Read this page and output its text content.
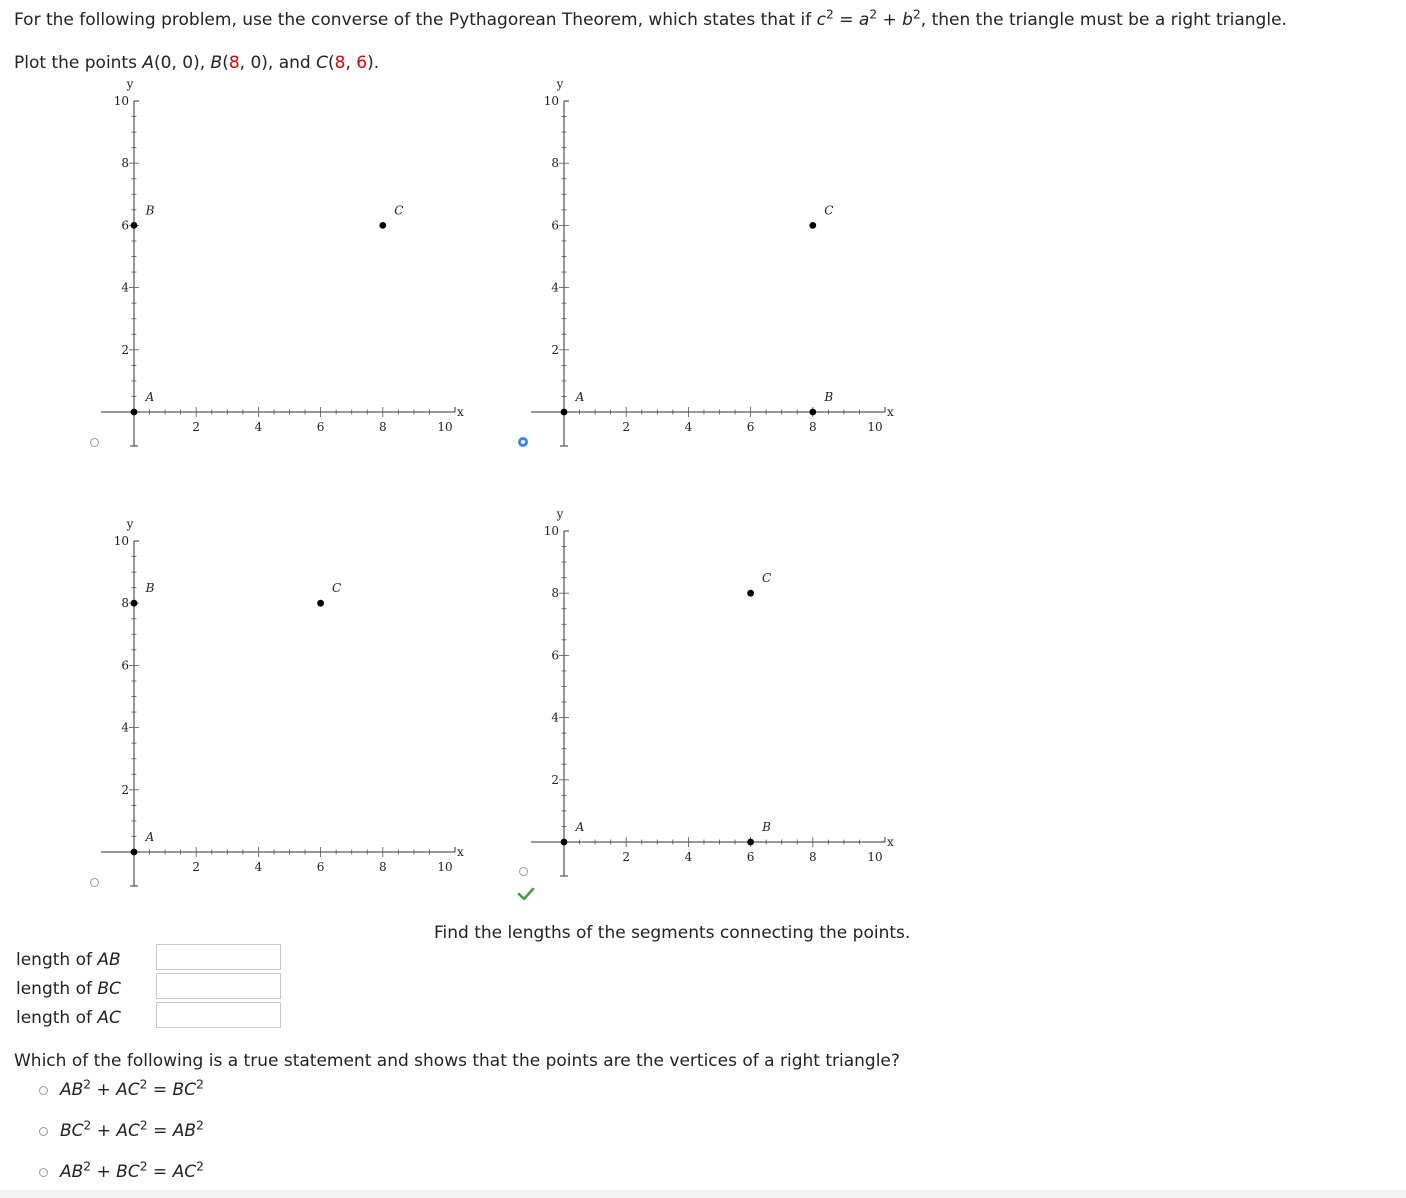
For the following problem, use the converse of the Pythagorean Theorem, which states that if $c^2 = a^2 + b^2$, then the triangle must be a right triangle.
Plot the points A(0, 0), B(8, 0), and C(8, 6).
2	4	6	8	10
2
4
6
8
10
x
y
A
B	C
2	4	6	8	10
2
4
6
8
10
x
y
A	B
C
2	4	6	8	10
2
4
6
8
10
x
y
A
B	C
2	4	6	8	10
2
4
6
8
10
x
y
A	B
C
Find the lengths of the segments connecting the points.
length of AB
length of BC
length of AC
Which of the following is a true statement and shows that the points are the vertices of a right triangle?
$AB^2 + AC^2 = BC^2$
$BC^2 + AC^2 = AB^2$
$AB^2 + BC^2 = AC^2$
